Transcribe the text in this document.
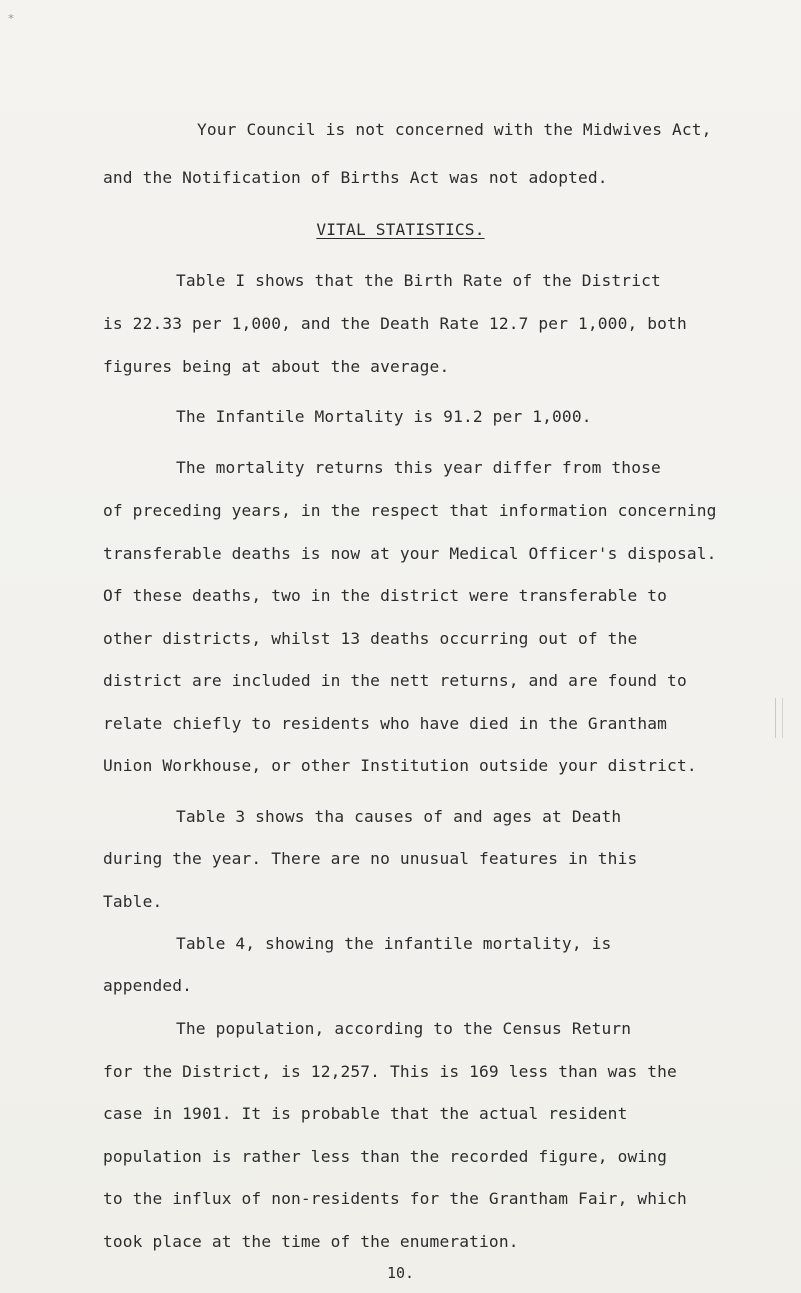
⁎
Your Council is not concerned with the Midwives Act,
and the Notification of Births Act was not adopted.
VITAL STATISTICS.
Table I shows that the Birth Rate of the District
is 22.33 per 1,000, and the Death Rate 12.7 per 1,000, both
figures being at about the average.
The Infantile Mortality is 91.2 per 1,000.
The mortality returns this year differ from those
of preceding years, in the respect that information concerning
transferable deaths is now at your Medical Officer's disposal.
Of these deaths, two in the district were transferable to
other districts, whilst 13 deaths occurring out of the
district are included in the nett returns, and are found to
relate chiefly to residents who have died in the Grantham
Union Workhouse, or other Institution outside your district.
Table 3 shows tha causes of and ages at Death
during the year. There are no unusual features in this
Table.
Table 4, showing the infantile mortality, is
appended.
The population, according to the Census Return
for the District, is 12,257. This is 169 less than was the
case in 1901. It is probable that the actual resident
population is rather less than the recorded figure, owing
to the influx of non-residents for the Grantham Fair, which
took place at the time of the enumeration.
10.
